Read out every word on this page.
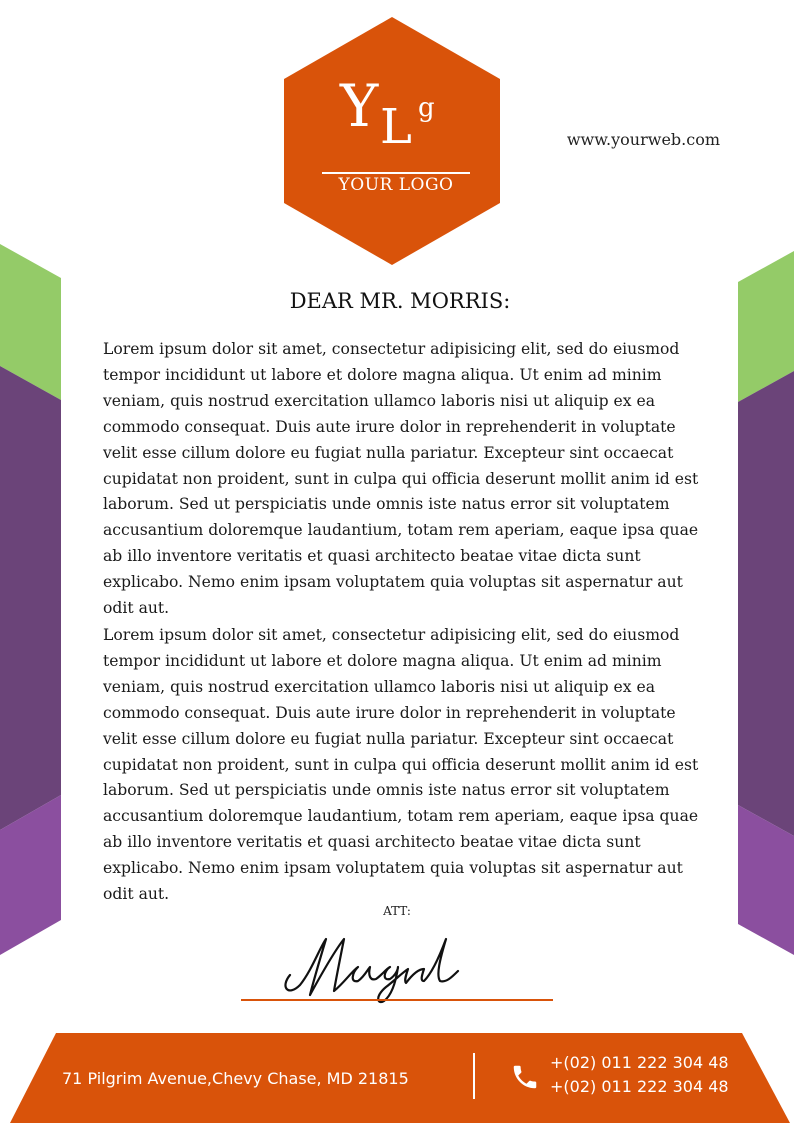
Y L g
YOUR LOGO
www.yourweb.com
DEAR MR. MORRIS:

Lorem ipsum dolor sit amet, consectetur adipisicing elit, sed do eiusmod tempor incididunt ut labore et dolore magna aliqua. Ut enim ad minim veniam, quis nostrud exercitation ullamco laboris nisi ut aliquip ex ea commodo consequat. Duis aute irure dolor in reprehenderit in voluptate velit esse cillum dolore eu fugiat nulla pariatur. Excepteur sint occaecat cupidatat non proident, sunt in culpa qui officia deserunt mollit anim id est laborum. Sed ut perspiciatis unde omnis iste natus error sit voluptatem accusantium doloremque laudantium, totam rem aperiam, eaque ipsa quae ab illo inventore veritatis et quasi architecto beatae vitae dicta sunt explicabo. Nemo enim ipsam voluptatem quia voluptas sit aspernatur aut odit aut.

Lorem ipsum dolor sit amet, consectetur adipisicing elit, sed do eiusmod tempor incididunt ut labore et dolore magna aliqua. Ut enim ad minim veniam, quis nostrud exercitation ullamco laboris nisi ut aliquip ex ea commodo consequat. Duis aute irure dolor in reprehenderit in voluptate velit esse cillum dolore eu fugiat nulla pariatur. Excepteur sint occaecat cupidatat non proident, sunt in culpa qui officia deserunt mollit anim id est laborum. Sed ut perspiciatis unde omnis iste natus error sit voluptatem accusantium doloremque laudantium, totam rem aperiam, eaque ipsa quae ab illo inventore veritatis et quasi architecto beatae vitae dicta sunt explicabo. Nemo enim ipsam voluptatem quia voluptas sit aspernatur aut odit aut.

ATT:
71 Pilgrim Avenue,Chevy Chase, MD 21815
+(02) 011 222 304 48
+(02) 011 222 304 48
